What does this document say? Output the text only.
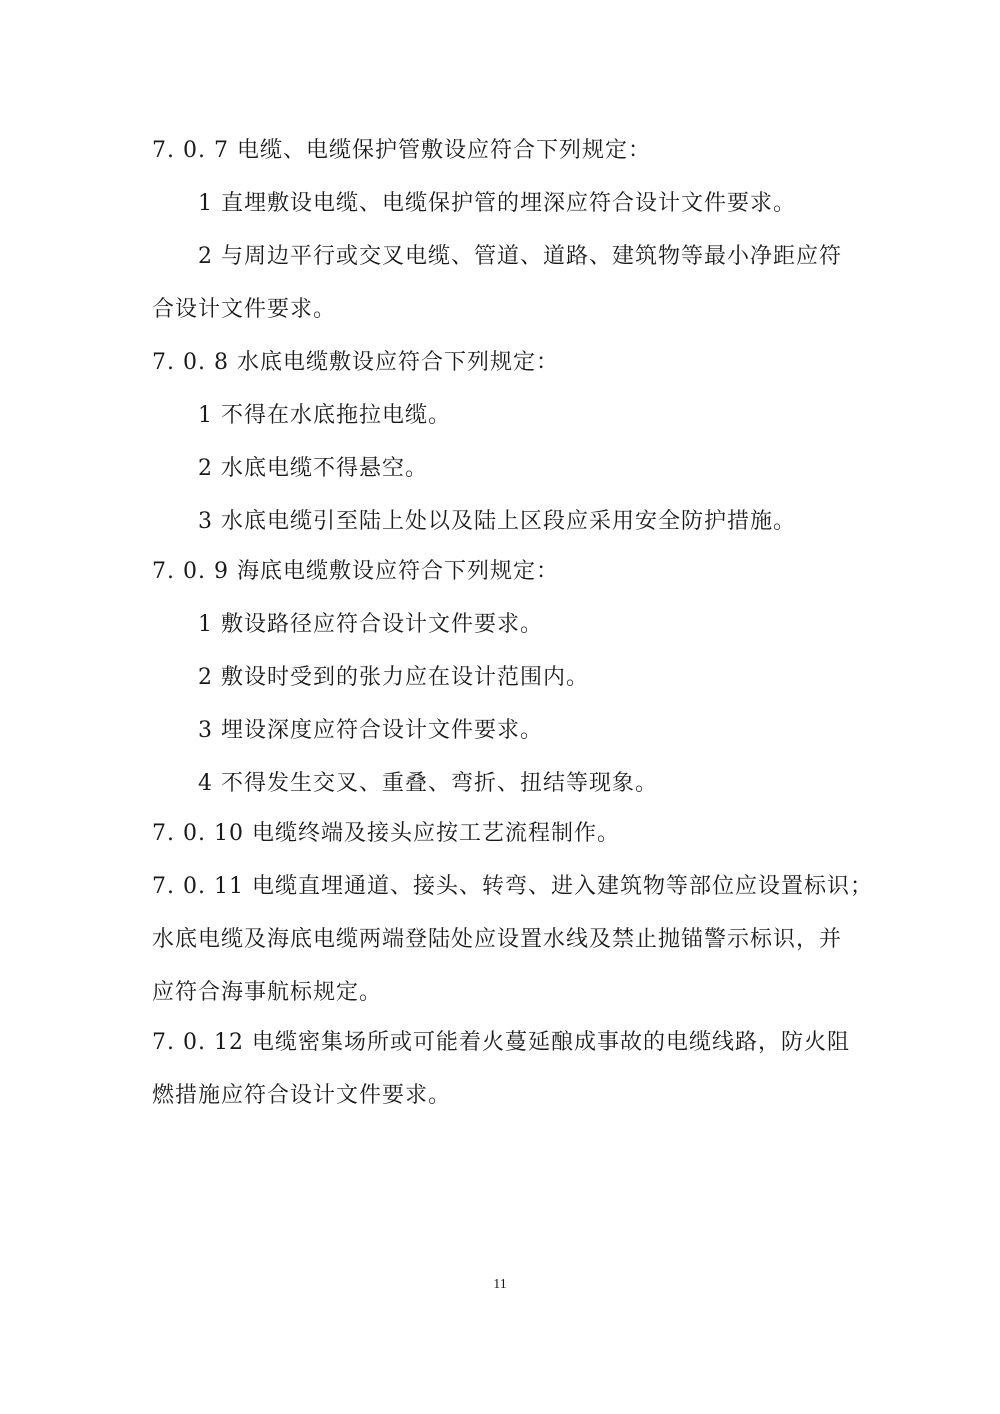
7. 0. 7 电缆、电缆保护管敷设应符合下列规定：
1 直埋敷设电缆、电缆保护管的埋深应符合设计文件要求。
2 与周边平行或交叉电缆、管道、道路、建筑物等最小净距应符
合设计文件要求。
7. 0. 8 水底电缆敷设应符合下列规定：
1 不得在水底拖拉电缆。
2 水底电缆不得悬空。
3 水底电缆引至陆上处以及陆上区段应采用安全防护措施。
7. 0. 9 海底电缆敷设应符合下列规定：
1 敷设路径应符合设计文件要求。
2 敷设时受到的张力应在设计范围内。
3 埋设深度应符合设计文件要求。
4 不得发生交叉、重叠、弯折、扭结等现象。
7. 0. 10 电缆终端及接头应按工艺流程制作。
7. 0. 11 电缆直埋通道、接头、转弯、进入建筑物等部位应设置标识；
水底电缆及海底电缆两端登陆处应设置水线及禁止抛锚警示标识，并
应符合海事航标规定。
7. 0. 12 电缆密集场所或可能着火蔓延酿成事故的电缆线路，防火阻
燃措施应符合设计文件要求。
11
